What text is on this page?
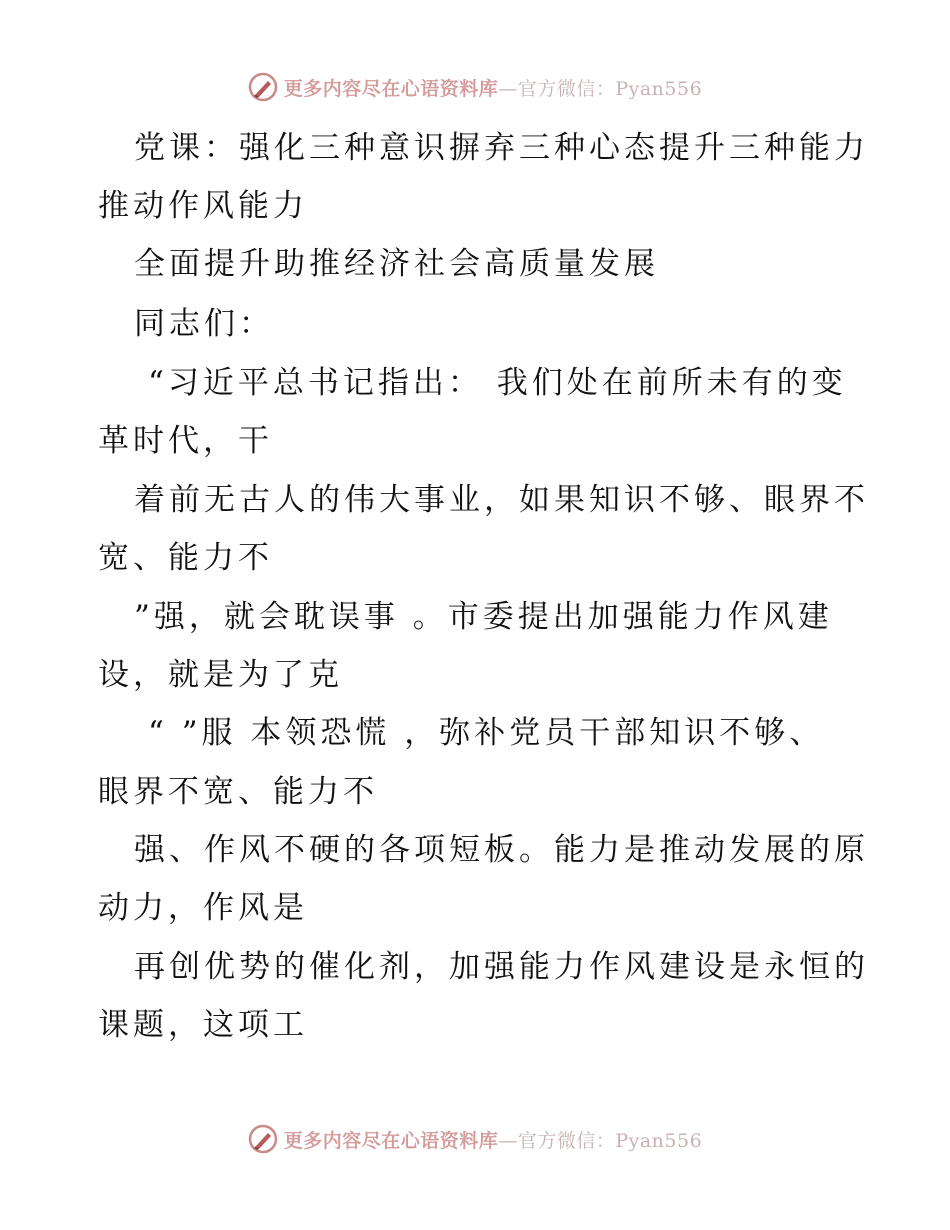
更多内容尽在心语资料库—官方微信：Pyan556
党课：强化三种意识摒弃三种心态提升三种能力
推动作风能力
全面提升助推经济社会高质量发展
同志们：
“习近平总书记指出： 我们处在前所未有的变
革时代，干
着前无古人的伟大事业，如果知识不够、眼界不
宽、能力不
”强，就会耽误事 。市委提出加强能力作风建
设，就是为了克
“ ”服 本领恐慌 ，弥补党员干部知识不够、
眼界不宽、能力不
强、作风不硬的各项短板。能力是推动发展的原
动力，作风是
再创优势的催化剂，加强能力作风建设是永恒的
课题，这项工
更多内容尽在心语资料库—官方微信：Pyan556
